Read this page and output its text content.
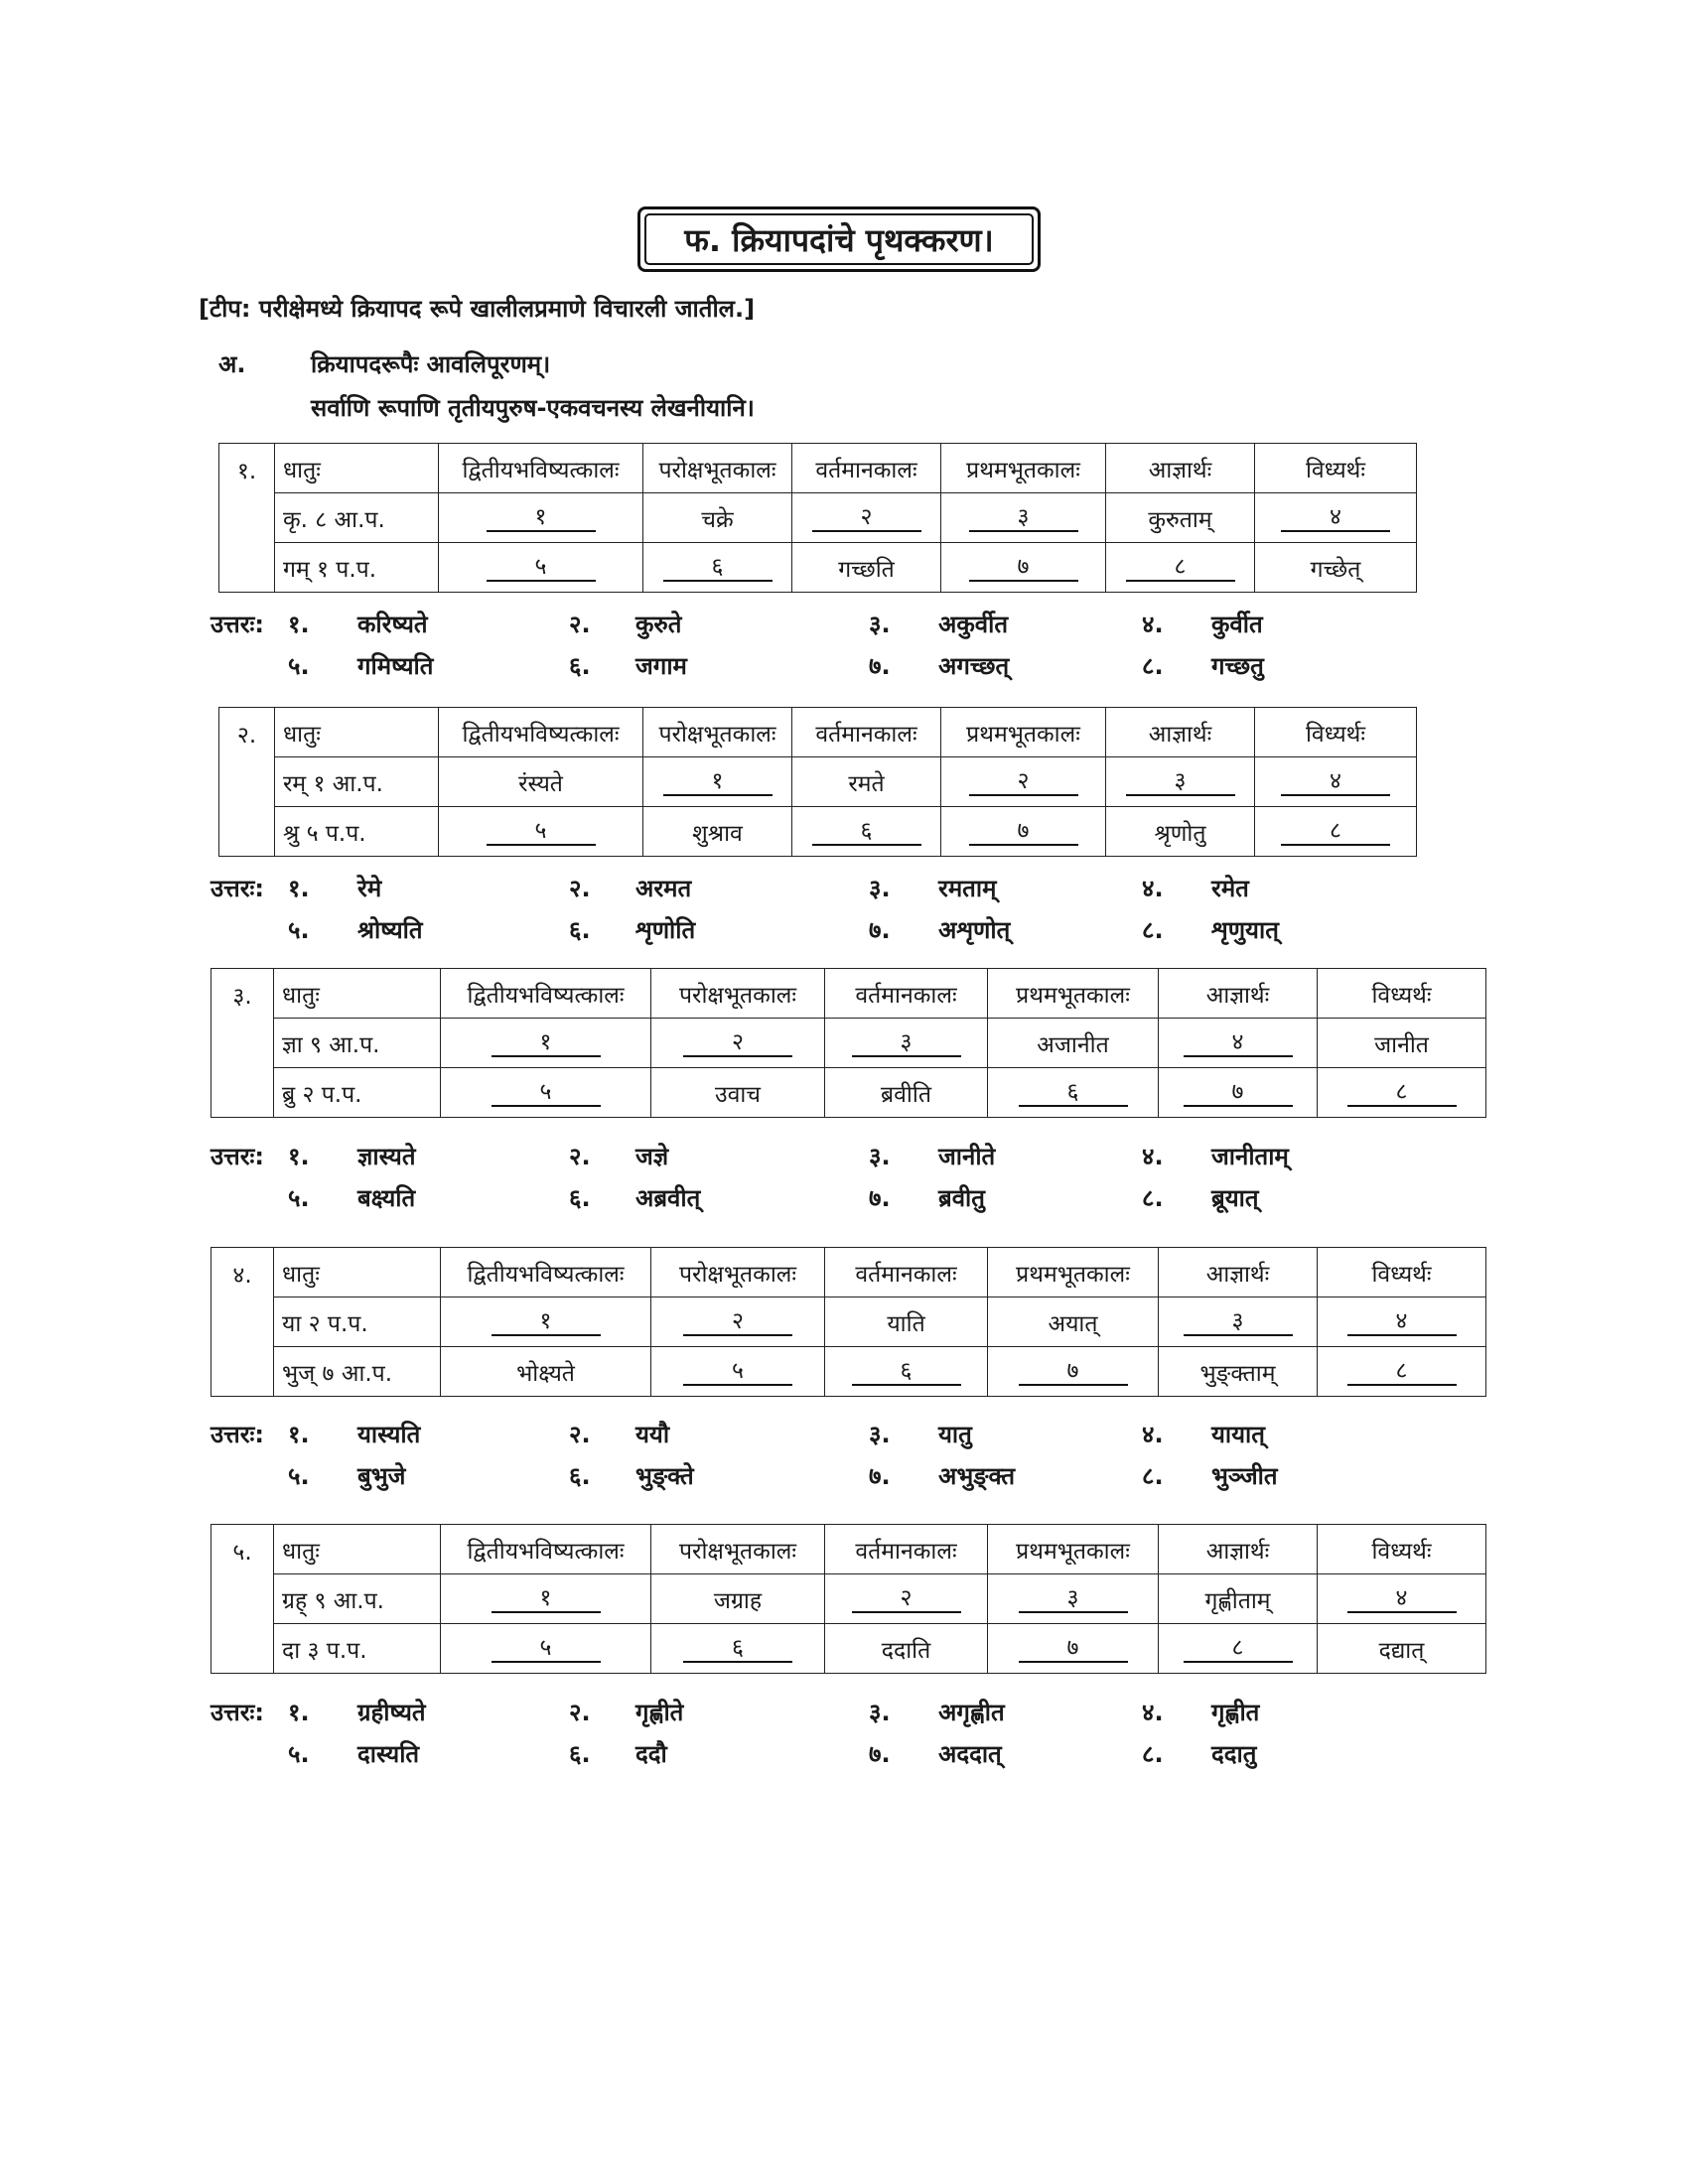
फ. क्रियापदांचे पृथक्करण।
[टीप: परीक्षेमध्ये क्रियापद रूपे खालीलप्रमाणे विचारली जातील.]
अ.	क्रियापदरूपैः आवलिपूरणम्।
सर्वाणि रूपाणि तृतीयपुरुष-एकवचनस्य लेखनीयानि।
१.	धातुः	द्वितीयभविष्यत्कालः	परोक्षभूतकालः	वर्तमानकालः	प्रथमभूतकालः	आज्ञार्थः	विध्यर्थः
	कृ. ८ आ.प.	१	चक्रे	२	३	कुरुताम्	४
	गम् १ प.प.	५	६	गच्छति	७	८	गच्छेत्
उत्तरः: १. करिष्यते	२. कुरुते	३. अकुर्वीत	४. कुर्वीत
५. गमिष्यति	६. जगाम	७. अगच्छत्	८. गच्छतु
२.	धातुः	द्वितीयभविष्यत्कालः	परोक्षभूतकालः	वर्तमानकालः	प्रथमभूतकालः	आज्ञार्थः	विध्यर्थः
	रम् १ आ.प.	रंस्यते	१	रमते	२	३	४
	श्रु ५ प.प.	५	शुश्राव	६	७	श्रृणोतु	८
उत्तरः: १. रेमे	२. अरमत	३. रमताम्	४. रमेत
५. श्रोष्यति	६. शृणोति	७. अशृणोत्	८. शृणुयात्
३.	धातुः	द्वितीयभविष्यत्कालः	परोक्षभूतकालः	वर्तमानकालः	प्रथमभूतकालः	आज्ञार्थः	विध्यर्थः
	ज्ञा ९ आ.प.	१	२	३	अजानीत	४	जानीत
	ब्रु २ प.प.	५	उवाच	ब्रवीति	६	७	८
उत्तरः: १. ज्ञास्यते	२. जज्ञे	३. जानीते	४. जानीताम्
५. बक्ष्यति	६. अब्रवीत्	७. ब्रवीतु	८. ब्रूयात्
४.	धातुः	द्वितीयभविष्यत्कालः	परोक्षभूतकालः	वर्तमानकालः	प्रथमभूतकालः	आज्ञार्थः	विध्यर्थः
	या २ प.प.	१	२	याति	अयात्	३	४
	भुज् ७ आ.प.	भोक्ष्यते	५	६	७	भुङ्क्ताम्	८
उत्तरः: १. यास्यति	२. ययौ	३. यातु	४. यायात्
५. बुभुजे	६. भुङ्क्ते	७. अभुङ्क्त	८. भुञ्जीत
५.	धातुः	द्वितीयभविष्यत्कालः	परोक्षभूतकालः	वर्तमानकालः	प्रथमभूतकालः	आज्ञार्थः	विध्यर्थः
	ग्रह् ९ आ.प.	१	जग्राह	२	३	गृह्णीताम्	४
	दा ३ प.प.	५	६	ददाति	७	८	दद्यात्
उत्तरः: १. ग्रहीष्यते	२. गृह्णीते	३. अगृह्णीत	४. गृह्णीत
५. दास्यति	६. ददौ	७. अददात्	८. ददातु
